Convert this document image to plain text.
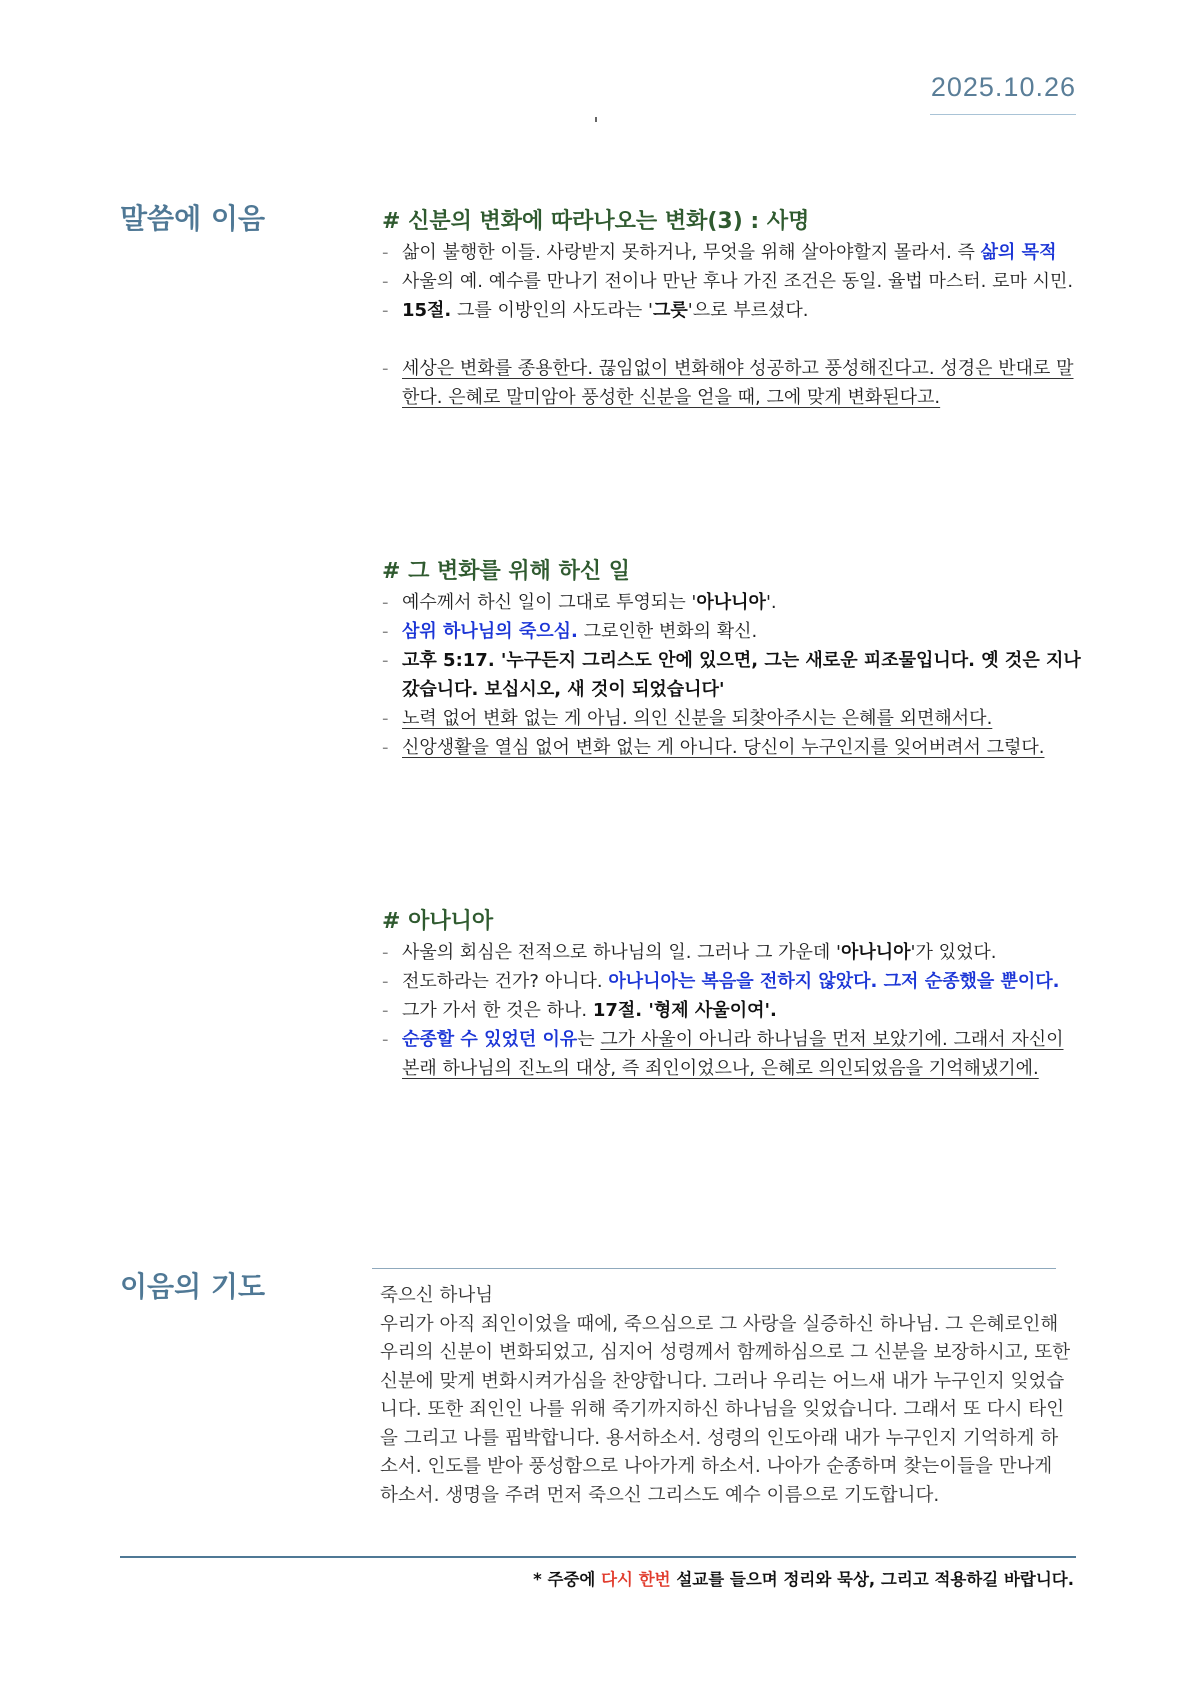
2025.10.26
말씀에 이음	# 신분의 변화에 따라나오는 변화(3) : 사명
- 삶이 불행한 이들. 사랑받지 못하거나, 무엇을 위해 살아야할지 몰라서. 즉 삶의 목적
- 사울의 예. 예수를 만나기 전이나 만난 후나 가진 조건은 동일. 율법 마스터. 로마 시민.
- 15절. 그를 이방인의 사도라는 '그릇'으로 부르셨다.
- 세상은 변화를 종용한다. 끊임없이 변화해야 성공하고 풍성해진다고. 성경은 반대로 말한다. 은혜로 말미암아 풍성한 신분을 얻을 때, 그에 맞게 변화된다고.
# 그 변화를 위해 하신 일
- 예수께서 하신 일이 그대로 투영되는 '아나니아'.
- 삼위 하나님의 죽으심. 그로인한 변화의 확신.
- 고후 5:17. '누구든지 그리스도 안에 있으면, 그는 새로운 피조물입니다. 옛 것은 지나갔습니다. 보십시오, 새 것이 되었습니다'
- 노력 없어 변화 없는 게 아님. 의인 신분을 되찾아주시는 은혜를 외면해서다.
- 신앙생활을 열심 없어 변화 없는 게 아니다. 당신이 누구인지를 잊어버려서 그렇다.
# 아나니아
- 사울의 회심은 전적으로 하나님의 일. 그러나 그 가운데 '아나니아'가 있었다.
- 전도하라는 건가? 아니다. 아나니아는 복음을 전하지 않았다. 그저 순종했을 뿐이다.
- 그가 가서 한 것은 하나. 17절. '형제 사울이여'.
- 순종할 수 있었던 이유는 그가 사울이 아니라 하나님을 먼저 보았기에. 그래서 자신이 본래 하나님의 진노의 대상, 즉 죄인이었으나, 은혜로 의인되었음을 기억해냈기에.
이음의 기도	죽으신 하나님

우리가 아직 죄인이었을 때에, 죽으심으로 그 사랑을 실증하신 하나님. 그 은혜로인해 우리의 신분이 변화되었고, 심지어 성령께서 함께하심으로 그 신분을 보장하시고, 또한 신분에 맞게 변화시켜가심을 찬양합니다. 그러나 우리는 어느새 내가 누구인지 잊었습니다. 또한 죄인인 나를 위해 죽기까지하신 하나님을 잊었습니다. 그래서 또 다시 타인을 그리고 나를 핍박합니다. 용서하소서. 성령의 인도아래 내가 누구인지 기억하게 하소서. 인도를 받아 풍성함으로 나아가게 하소서. 나아가 순종하며 찾는이들을 만나게 하소서. 생명을 주려 먼저 죽으신 그리스도 예수 이름으로 기도합니다.

* 주중에 다시 한번 설교를 들으며 정리와 묵상, 그리고 적용하길 바랍니다.
